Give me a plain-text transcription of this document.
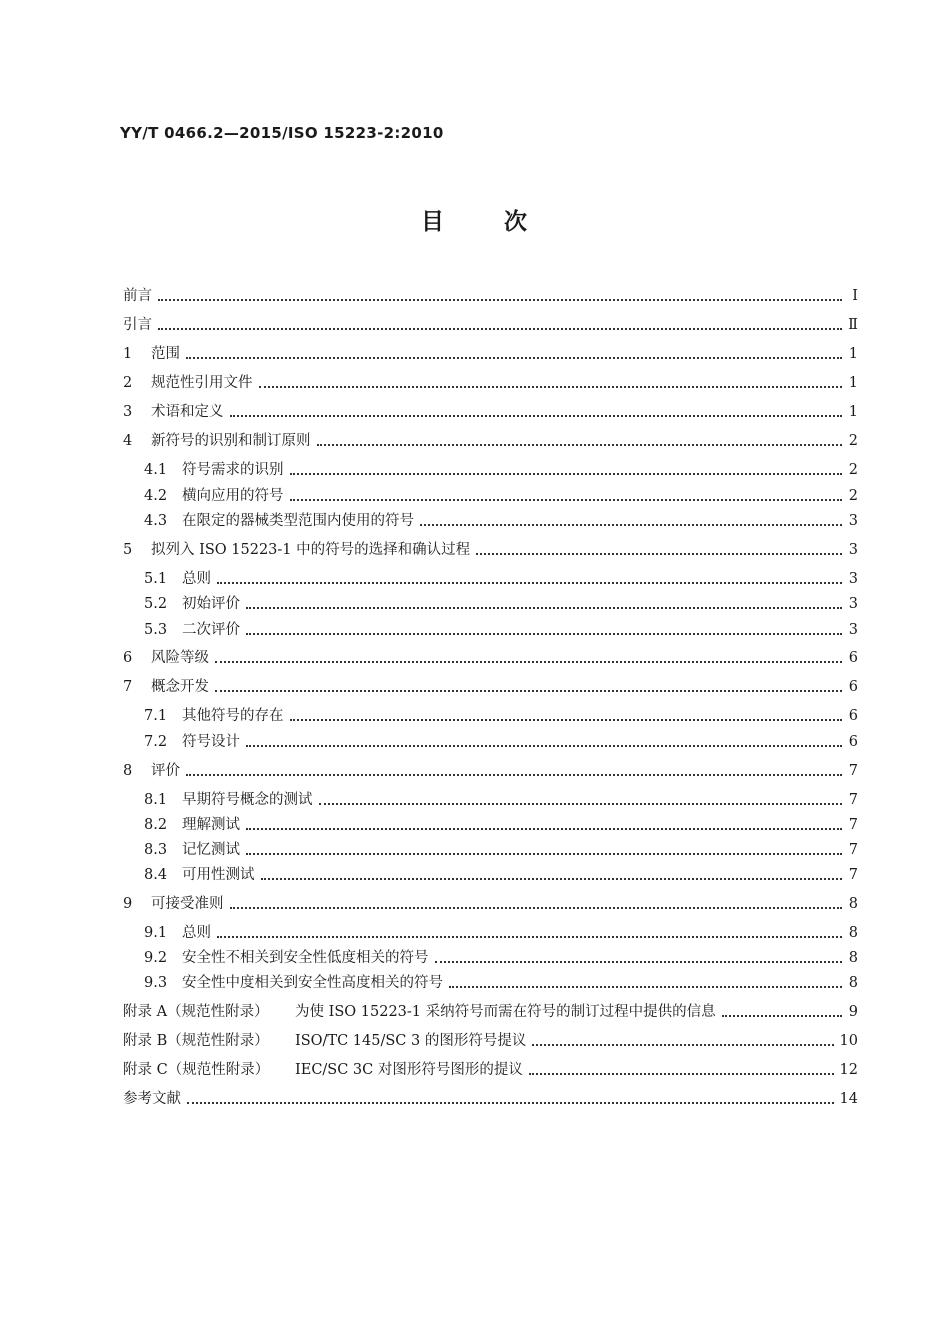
YY/T 0466.2—2015/ISO 15223-2:2010
目 次
前言	Ⅰ
引言	Ⅱ
1	范围	1
2	规范性引用文件	1
3	术语和定义	1
4	新符号的识别和制订原则	2
4.1	符号需求的识别	2
4.2	横向应用的符号	2
4.3	在限定的器械类型范围内使用的符号	3
5	拟列入 ISO 15223-1 中的符号的选择和确认过程	3
5.1	总则	3
5.2	初始评价	3
5.3	二次评价	3
6	风险等级	6
7	概念开发	6
7.1	其他符号的存在	6
7.2	符号设计	6
8	评价	7
8.1	早期符号概念的测试	7
8.2	理解测试	7
8.3	记忆测试	7
8.4	可用性测试	7
9	可接受准则	8
9.1	总则	8
9.2	安全性不相关到安全性低度相关的符号	8
9.3	安全性中度相关到安全性高度相关的符号	8
附录 A（规范性附录）	为使 ISO 15223-1 采纳符号而需在符号的制订过程中提供的信息	9
附录 B（规范性附录）	ISO/TC 145/SC 3 的图形符号提议	10
附录 C（规范性附录）	IEC/SC 3C 对图形符号图形的提议	12
参考文献	14
